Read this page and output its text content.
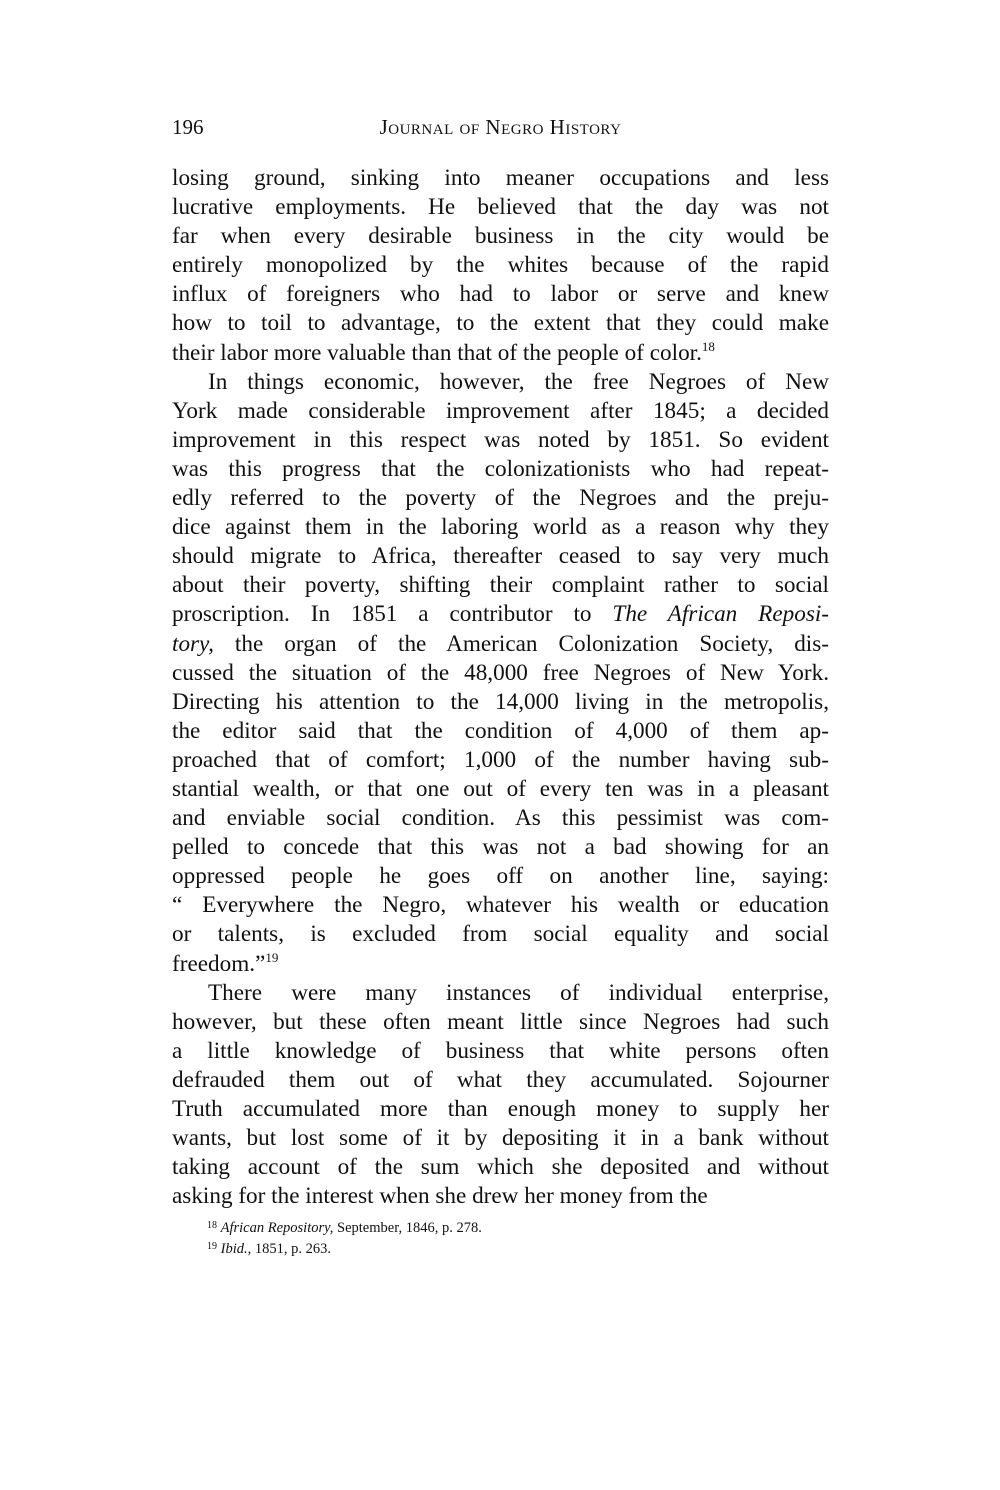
196	Journal of Negro History

losing ground, sinking into meaner occupations and less
lucrative employments. He believed that the day was not
far when every desirable business in the city would be
entirely monopolized by the whites because of the rapid
influx of foreigners who had to labor or serve and knew
how to toil to advantage, to the extent that they could make
their labor more valuable than that of the people of color.$^{18}$

In things economic, however, the free Negroes of New
York made considerable improvement after 1845; a decided
improvement in this respect was noted by 1851. So evident
was this progress that the colonizationists who had repeat-
edly referred to the poverty of the Negroes and the preju-
dice against them in the laboring world as a reason why they
should migrate to Africa, thereafter ceased to say very much
about their poverty, shifting their complaint rather to social
proscription. In 1851 a contributor to The African Reposi-
tory, the organ of the American Colonization Society, dis-
cussed the situation of the 48,000 free Negroes of New York.
Directing his attention to the 14,000 living in the metropolis,
the editor said that the condition of 4,000 of them ap-
proached that of comfort; 1,000 of the number having sub-
stantial wealth, or that one out of every ten was in a pleasant
and enviable social condition. As this pessimist was com-
pelled to concede that this was not a bad showing for an
oppressed people he goes off on another line, saying:
“ Everywhere the Negro, whatever his wealth or education
or talents, is excluded from social equality and social
freedom.”$^{19}$

There were many instances of individual enterprise,
however, but these often meant little since Negroes had such
a little knowledge of business that white persons often
defrauded them out of what they accumulated. Sojourner
Truth accumulated more than enough money to supply her
wants, but lost some of it by depositing it in a bank without
taking account of the sum which she deposited and without
asking for the interest when she drew her money from the

$^{18}$ African Repository, September, 1846, p. 278.
$^{19}$ Ibid., 1851, p. 263.
